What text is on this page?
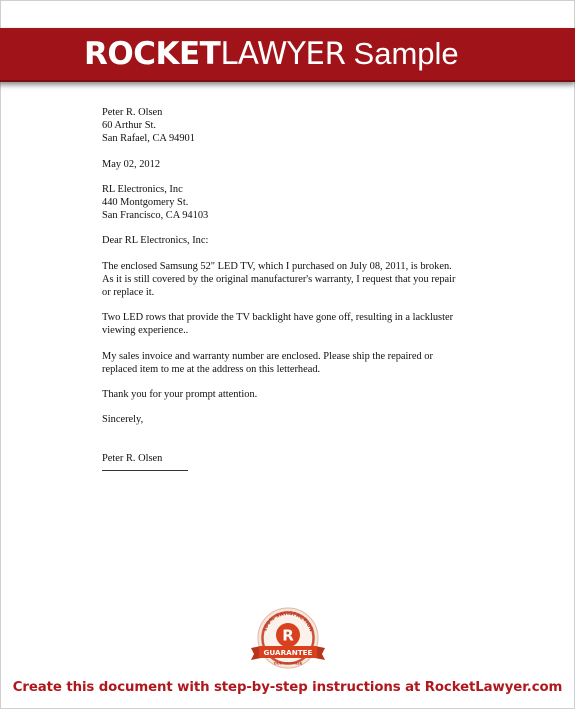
ROCKETLAWYER Sample

Peter R. Olsen

60 Arthur St.

San Rafael, CA 94901

May 02, 2012

RL Electronics, Inc

440 Montgomery St.

San Francisco, CA 94103

Dear RL Electronics, Inc:

The enclosed Samsung 52" LED TV, which I purchased on July 08, 2011, is broken. As it is still covered by the original manufacturer's warranty, I request that you repair or replace it.

Two LED rows that provide the TV backlight have gone off, resulting in a lackluster viewing experience..

My sales invoice and warranty number are enclosed. Please ship the repaired or replaced item to me at the address on this letterhead.

Thank you for your prompt attention.

Sincerely,

Peter R. Olsen

R
100% SATISFACTION
GUARANTEE
OUR PROMISE
Create this document with step-by-step instructions at RocketLawyer.com
